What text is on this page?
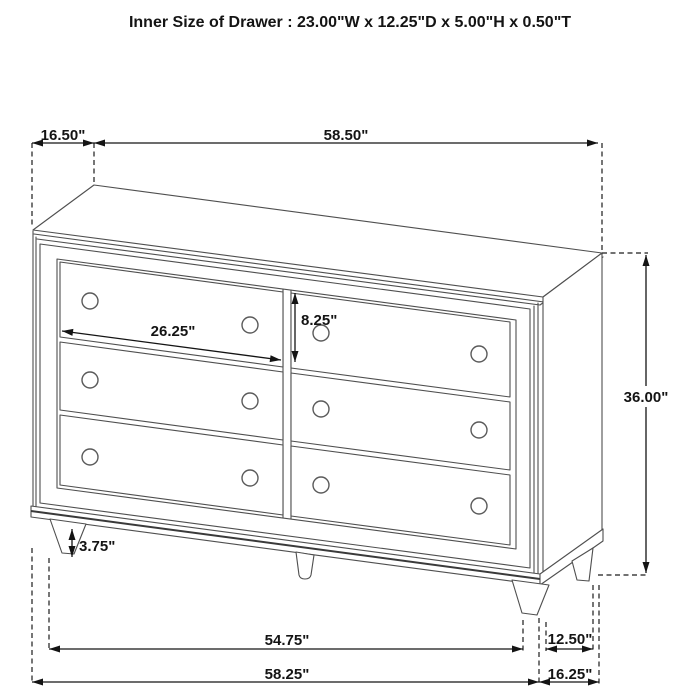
Inner Size of Drawer : 23.00"W x 12.25"D x 5.00"H x 0.50"T
16.50"	58.50"
36.00"
26.25"
8.25"
3.75"
54.75"	12.50"
58.25"	16.25"
